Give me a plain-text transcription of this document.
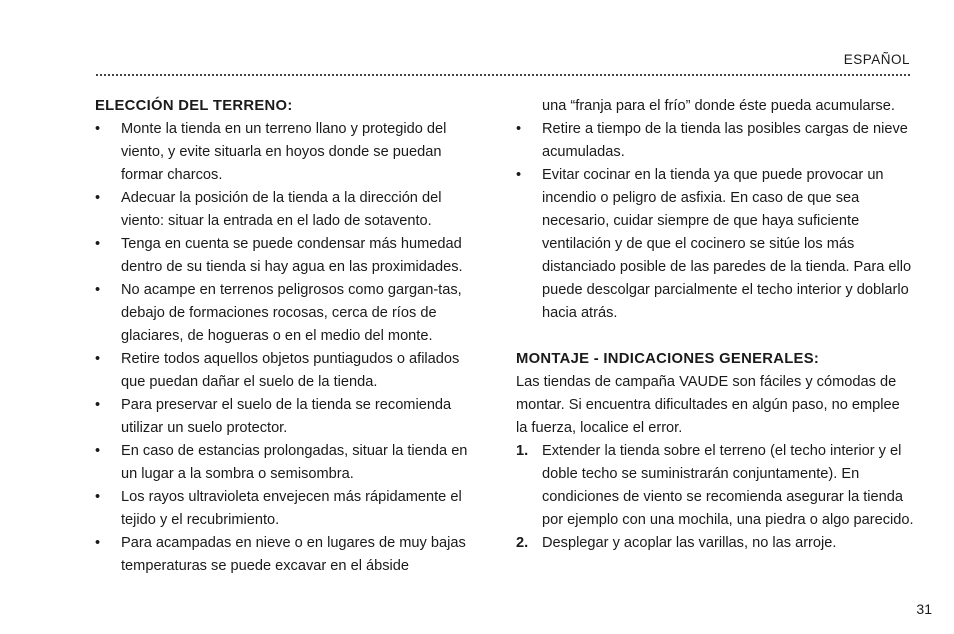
ESPAÑOL
ELECCIÓN DEL TERRENO:
• Monte la tienda en un terreno llano y protegido del viento, y evite situarla en hoyos donde se puedan formar charcos.
• Adecuar la posición de la tienda a la dirección del viento: situar la entrada en el lado de sotavento.
• Tenga en cuenta se puede condensar más humedad dentro de su tienda si hay agua en las proximidades.
• No acampe en terrenos peligrosos como gargan-tas, debajo de formaciones rocosas, cerca de ríos de glaciares, de hogueras o en el medio del monte.
• Retire todos aquellos objetos puntiagudos o afilados que puedan dañar el suelo de la tienda.
• Para preservar el suelo de la tienda se recomienda utilizar un suelo protector.
• En caso de estancias prolongadas, situar la tienda en un lugar a la sombra o semisombra.
• Los rayos ultravioleta envejecen más rápidamente el tejido y el recubrimiento.
• Para acampadas en nieve o en lugares de muy bajas temperaturas se puede excavar en el ábside
una “franja para el frío” donde éste pueda acumularse.
• Retire a tiempo de la tienda las posibles cargas de nieve acumuladas.
• Evitar cocinar en la tienda ya que puede provocar un incendio o peligro de asfixia. En caso de que sea necesario, cuidar siempre de que haya suficiente ventilación y de que el cocinero se sitúe los más distanciado posible de las paredes de la tienda. Para ello puede descolgar parcialmente el techo interior y doblarlo hacia atrás.
MONTAJE - INDICACIONES GENERALES:

Las tiendas de campaña VAUDE son fáciles y cómodas de montar. Si encuentra dificultades en algún paso, no emplee la fuerza, localice el error.

1. Extender la tienda sobre el terreno (el techo interior y el doble techo se suministrarán conjuntamente). En condiciones de viento se recomienda asegurar la tienda por ejemplo con una mochila, una piedra o algo parecido.
2. Desplegar y acoplar las varillas, no las arroje.
31
